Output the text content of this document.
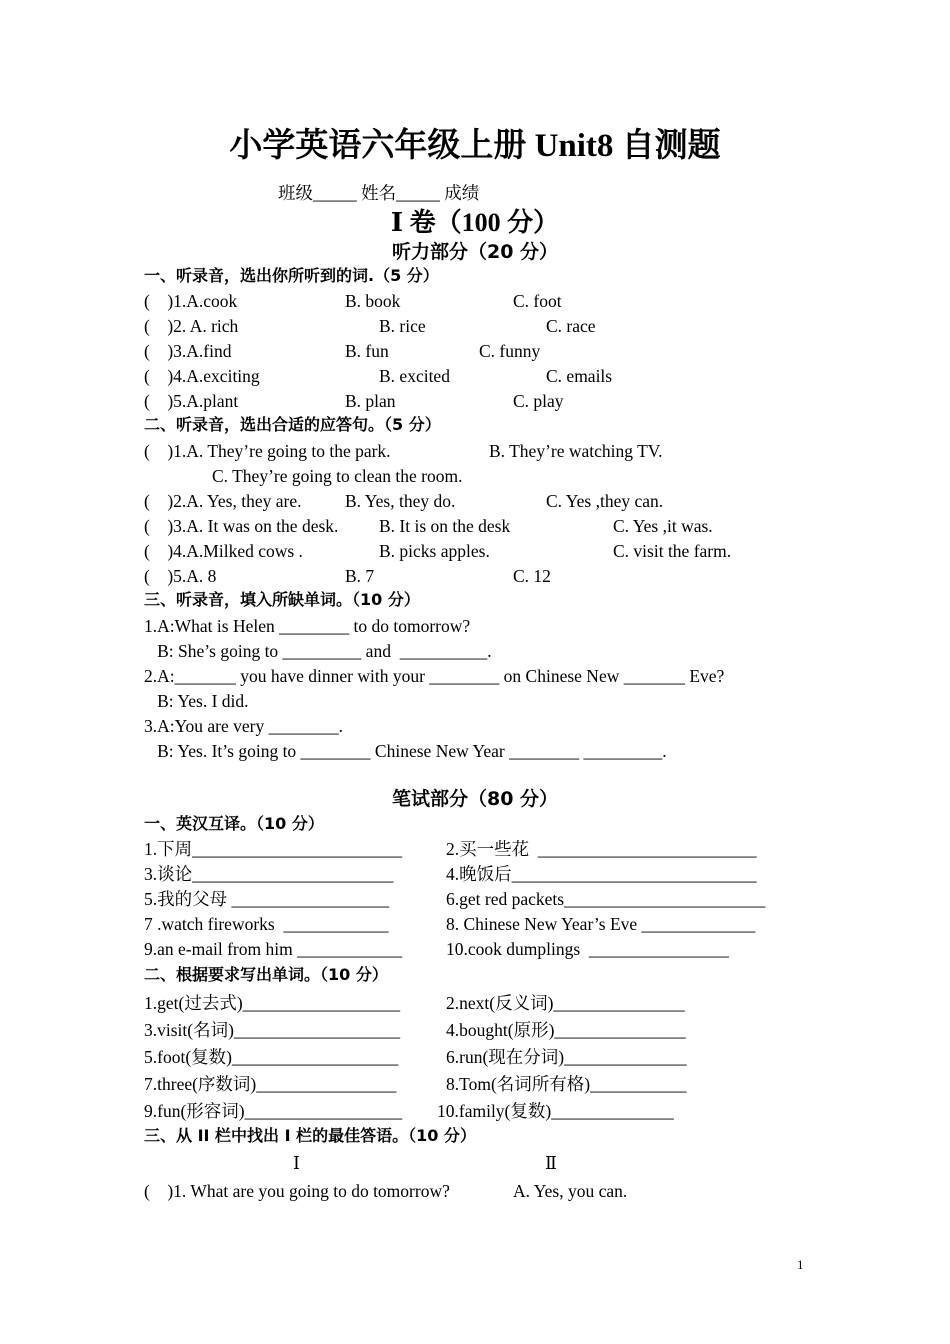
小学英语六年级上册 Unit8 自测题
班级_____ 姓名_____ 成绩
Ⅰ 卷（100 分）
听力部分（20 分）
一、听录音，选出你所听到的词.（5 分）
(    )1.A.cook	B. book	C. foot
(    )2. A. rich	B. rice	C. race
(    )3.A.find	B. fun	C. funny
(    )4.A.exciting	B. excited	C. emails
(    )5.A.plant	B. plan	C. play
二、听录音，选出合适的应答句。（5 分）
(    )1.A. They’re going to the park.	B. They’re watching TV.
C. They’re going to clean the room.
(    )2.A. Yes, they are. B. Yes, they do.	C. Yes ,they can.
(    )3.A. It was on the desk. B. It is on the desk	C. Yes ,it was.
(    )4.A.Milked cows .	B. picks apples.	C. visit the farm.
(    )5.A. 8	B. 7	C. 12
三、听录音，填入所缺单词。（10 分）
1.A:What is Helen ________ to do tomorrow?
B: She’s going to _________ and  __________.
2.A:_______ you have dinner with your ________ on Chinese New _______ Eve?
B: Yes. I did.
3.A:You are very ________.
B: Yes. It’s going to ________ Chinese New Year ________ _________.
笔试部分（80 分）
一、英汉互译。（10 分）
1.下周________________________	2.买一些花  _________________________
3.谈论_______________________	4.晚饭后____________________________
5.我的父母 __________________	6.get red packets_______________________
7 .watch fireworks  ____________	8. Chinese New Year’s Eve _____________
9.an e-mail from him ____________	10.cook dumplings  ________________
二、根据要求写出单词。（10 分）
1.get(过去式)__________________	2.next(反义词)_______________
3.visit(名词)___________________	4.bought(原形)_______________
5.foot(复数)___________________	6.run(现在分词)______________
7.three(序数词)________________	8.Tom(名词所有格)___________
9.fun(形容词)__________________ 10.family(复数)______________
三、从 II 栏中找出 I 栏的最佳答语。（10 分）
Ⅰ	Ⅱ
(    )1. What are you going to do tomorrow?	A. Yes, you can.
1
